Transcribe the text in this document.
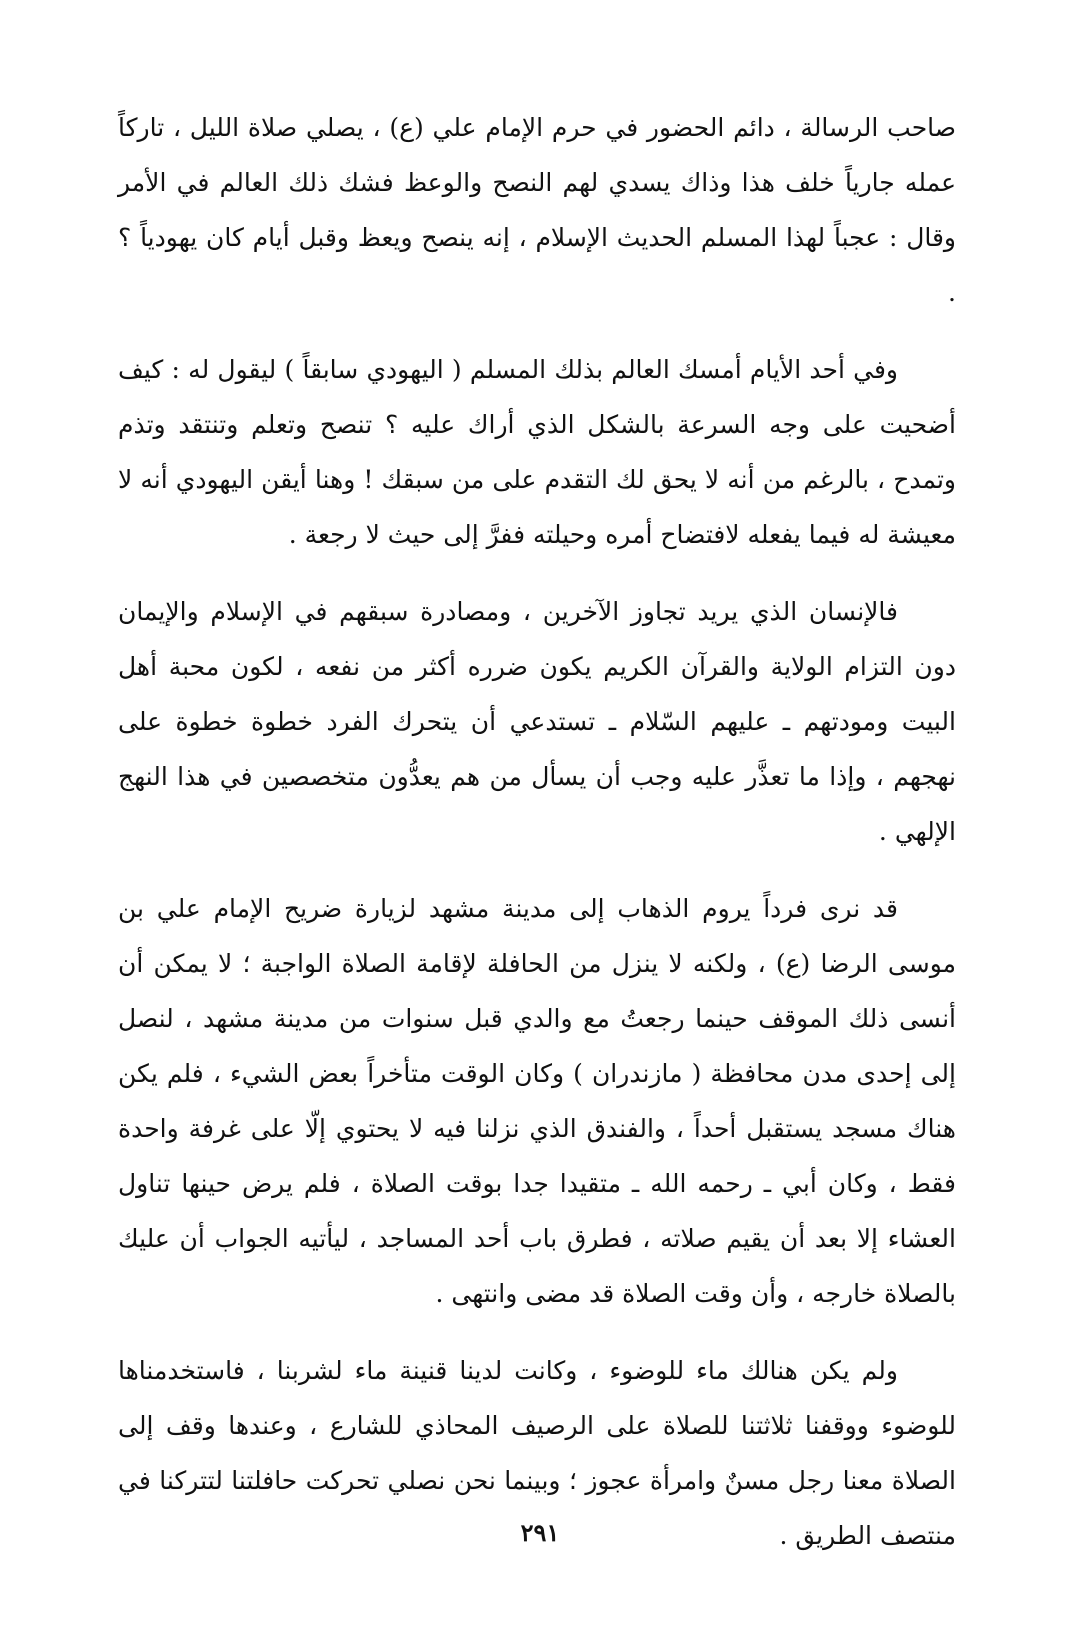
صاحب الرسالة ، دائم الحضور في حرم الإمام علي (ع) ، يصلي صلاة الليل ، تاركاً عمله جارياً خلف هذا وذاك يسدي لهم النصح والوعظ فشك ذلك العالم في الأمر وقال : عجباً لهذا المسلم الحديث الإسلام ، إنه ينصح ويعظ وقبل أيام كان يهودياً ؟ .

وفي أحد الأيام أمسك العالم بذلك المسلم ( اليهودي سابقاً ) ليقول له : كيف أضحيت على وجه السرعة بالشكل الذي أراك عليه ؟ تنصح وتعلم وتنتقد وتذم وتمدح ، بالرغم من أنه لا يحق لك التقدم على من سبقك ! وهنا أيقن اليهودي أنه لا معيشة له فيما يفعله لافتضاح أمره وحيلته ففرَّ إلى حيث لا رجعة .

فالإنسان الذي يريد تجاوز الآخرين ، ومصادرة سبقهم في الإسلام والإيمان دون التزام الولاية والقرآن الكريم يكون ضرره أكثر من نفعه ، لكون محبة أهل البيت ومودتهم ـ عليهم السّلام ـ تستدعي أن يتحرك الفرد خطوة خطوة على نهجهم ، وإذا ما تعذَّر عليه وجب أن يسأل من هم يعدُّون متخصصين في هذا النهج الإلهي .

قد نرى فرداً يروم الذهاب إلى مدينة مشهد لزيارة ضريح الإمام علي بن موسى الرضا (ع) ، ولكنه لا ينزل من الحافلة لإقامة الصلاة الواجبة ؛ لا يمكن أن أنسى ذلك الموقف حينما رجعتُ مع والدي قبل سنوات من مدينة مشهد ، لنصل إلى إحدى مدن محافظة ( مازندران ) وكان الوقت متأخراً بعض الشيء ، فلم يكن هناك مسجد يستقبل أحداً ، والفندق الذي نزلنا فيه لا يحتوي إلّا على غرفة واحدة فقط ، وكان أبي ـ رحمه الله ـ متقيدا جدا بوقت الصلاة ، فلم يرض حينها تناول العشاء إلا بعد أن يقيم صلاته ، فطرق باب أحد المساجد ، ليأتيه الجواب أن عليك بالصلاة خارجه ، وأن وقت الصلاة قد مضى وانتهى .

ولم يكن هنالك ماء للوضوء ، وكانت لدينا قنينة ماء لشربنا ، فاستخدمناها للوضوء ووقفنا ثلاثتنا للصلاة على الرصيف المحاذي للشارع ، وعندها وقف إلى الصلاة معنا رجل مسنٌ وامرأة عجوز ؛ وبينما نحن نصلي تحركت حافلتنا لتتركنا في منتصف الطريق .

٢٩١
